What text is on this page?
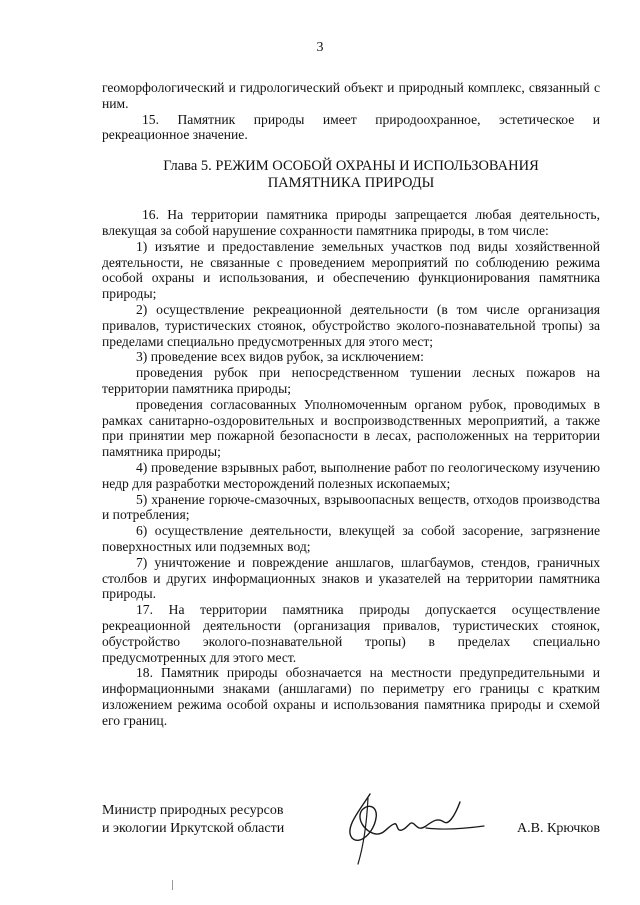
3

геоморфологический и гидрологический объект и природный комплекс, связанный с ним.

15. Памятник природы имеет природоохранное, эстетическое и рекреационное значение.

Глава 5. РЕЖИМ ОСОБОЙ ОХРАНЫ И ИСПОЛЬЗОВАНИЯ
ПАМЯТНИКА ПРИРОДЫ

16. На территории памятника природы запрещается любая деятельность, влекущая за собой нарушение сохранности памятника природы, в том числе:

1) изъятие и предоставление земельных участков под виды хозяйственной деятельности, не связанные с проведением мероприятий по соблюдению режима особой охраны и использования, и обеспечению функционирования памятника природы;

2) осуществление рекреационной деятельности (в том числе организация привалов, туристических стоянок, обустройство эколого-познавательной тропы) за пределами специально предусмотренных для этого мест;

3) проведение всех видов рубок, за исключением:

проведения рубок при непосредственном тушении лесных пожаров на территории памятника природы;

проведения согласованных Уполномоченным органом рубок, проводимых в рамках санитарно-оздоровительных и воспроизводственных мероприятий, а также при принятии мер пожарной безопасности в лесах, расположенных на территории памятника природы;

4) проведение взрывных работ, выполнение работ по геологическому изучению недр для разработки месторождений полезных ископаемых;

5) хранение горюче-смазочных, взрывоопасных веществ, отходов производства и потребления;

6) осуществление деятельности, влекущей за собой засорение, загрязнение поверхностных или подземных вод;

7) уничтожение и повреждение аншлагов, шлагбаумов, стендов, граничных столбов и других информационных знаков и указателей на территории памятника природы.

17. На территории памятника природы допускается осуществление рекреационной деятельности (организация привалов, туристических стоянок, обустройство эколого-познавательной тропы) в пределах специально предусмотренных для этого мест.

18. Памятник природы обозначается на местности предупредительными и информационными знаками (аншлагами) по периметру его границы с кратким изложением режима особой охраны и использования памятника природы и схемой его границ.

Министр природных ресурсов
и экологии Иркутской области	А.В. Крючков
